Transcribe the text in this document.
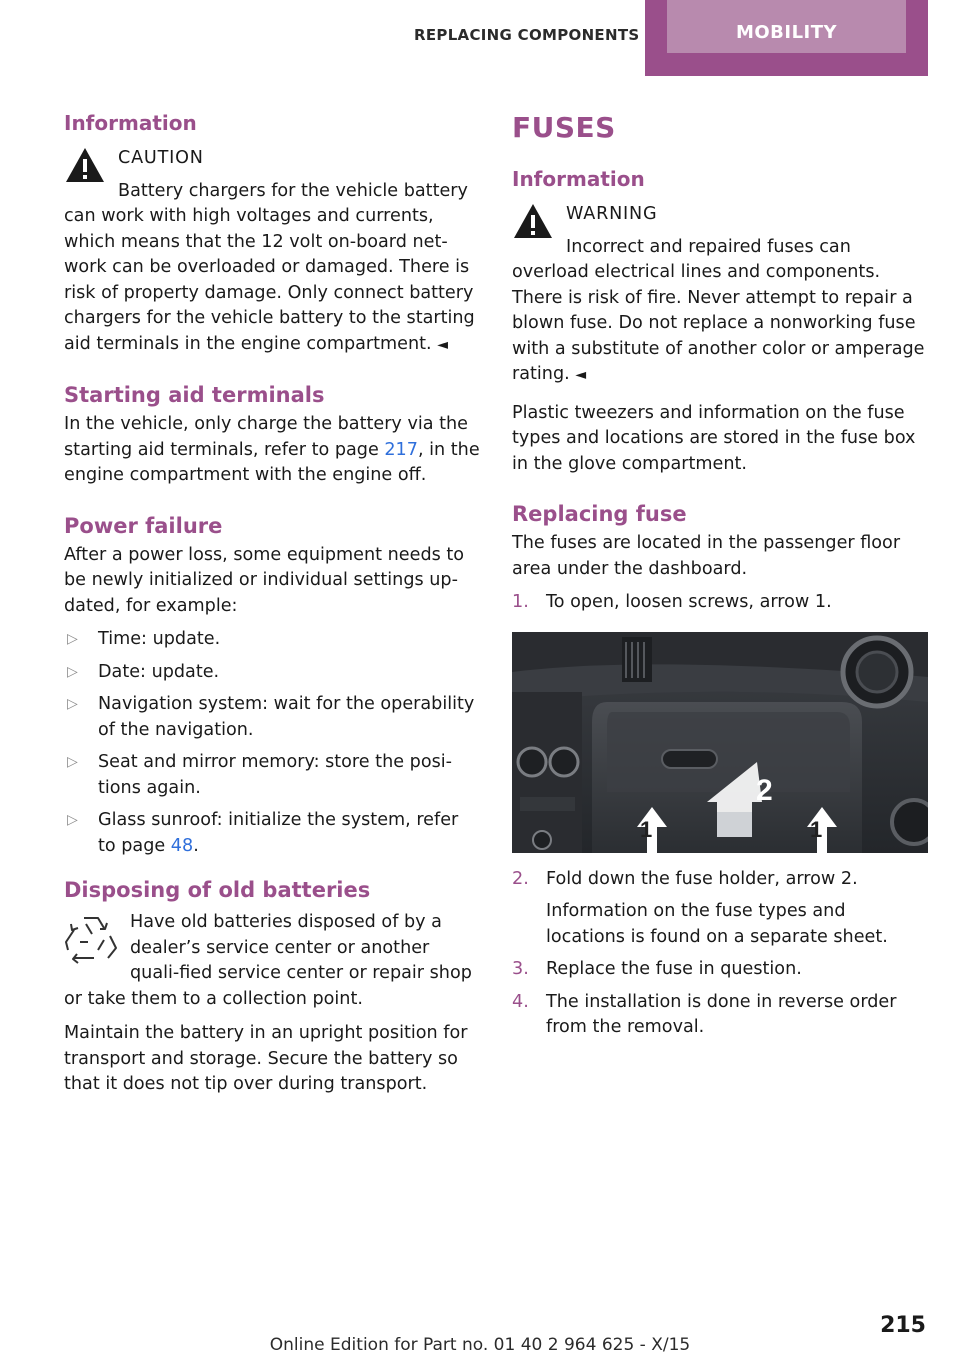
REPLACING COMPONENTS	MOBILITY
Information

CAUTION

Battery chargers for the vehicle battery can work with high voltages and currents, which means that the 12 volt on-board net-work can be overloaded or damaged. There is risk of property damage. Only connect battery chargers for the vehicle battery to the starting aid terminals in the engine compartment. ◄

Starting aid terminals

In the vehicle, only charge the battery via the starting aid terminals, refer to page 217, in the engine compartment with the engine off.

Power failure

After a power loss, some equipment needs to be newly initialized or individual settings up-dated, for example:

▷ Time: update.
▷ Date: update.
▷ Navigation system: wait for the operability of the navigation.
▷ Seat and mirror memory: store the posi-tions again.
▷ Glass sunroof: initialize the system, refer to page 48.
Disposing of old batteries

Have old batteries disposed of by a dealer’s service center or another quali-fied service center or repair shop or take them to a collection point.

Maintain the battery in an upright position for transport and storage. Secure the battery so that it does not tip over during transport.

FUSES
Information

WARNING

Incorrect and repaired fuses can overload electrical lines and components. There is risk of fire. Never attempt to repair a blown fuse. Do not replace a nonworking fuse with a substitute of another color or amperage rating. ◄

Plastic tweezers and information on the fuse types and locations are stored in the fuse box in the glove compartment.

Replacing fuse

The fuses are located in the passenger floor area under the dashboard.

1. To open, loosen screws, arrow 1.
2
1	1
2. Fold down the fuse holder, arrow 2.

Information on the fuse types and locations is found on a separate sheet.

3. Replace the fuse in question.
4. The installation is done in reverse order from the removal.
215
Online Edition for Part no. 01 40 2 964 625 - X/15
